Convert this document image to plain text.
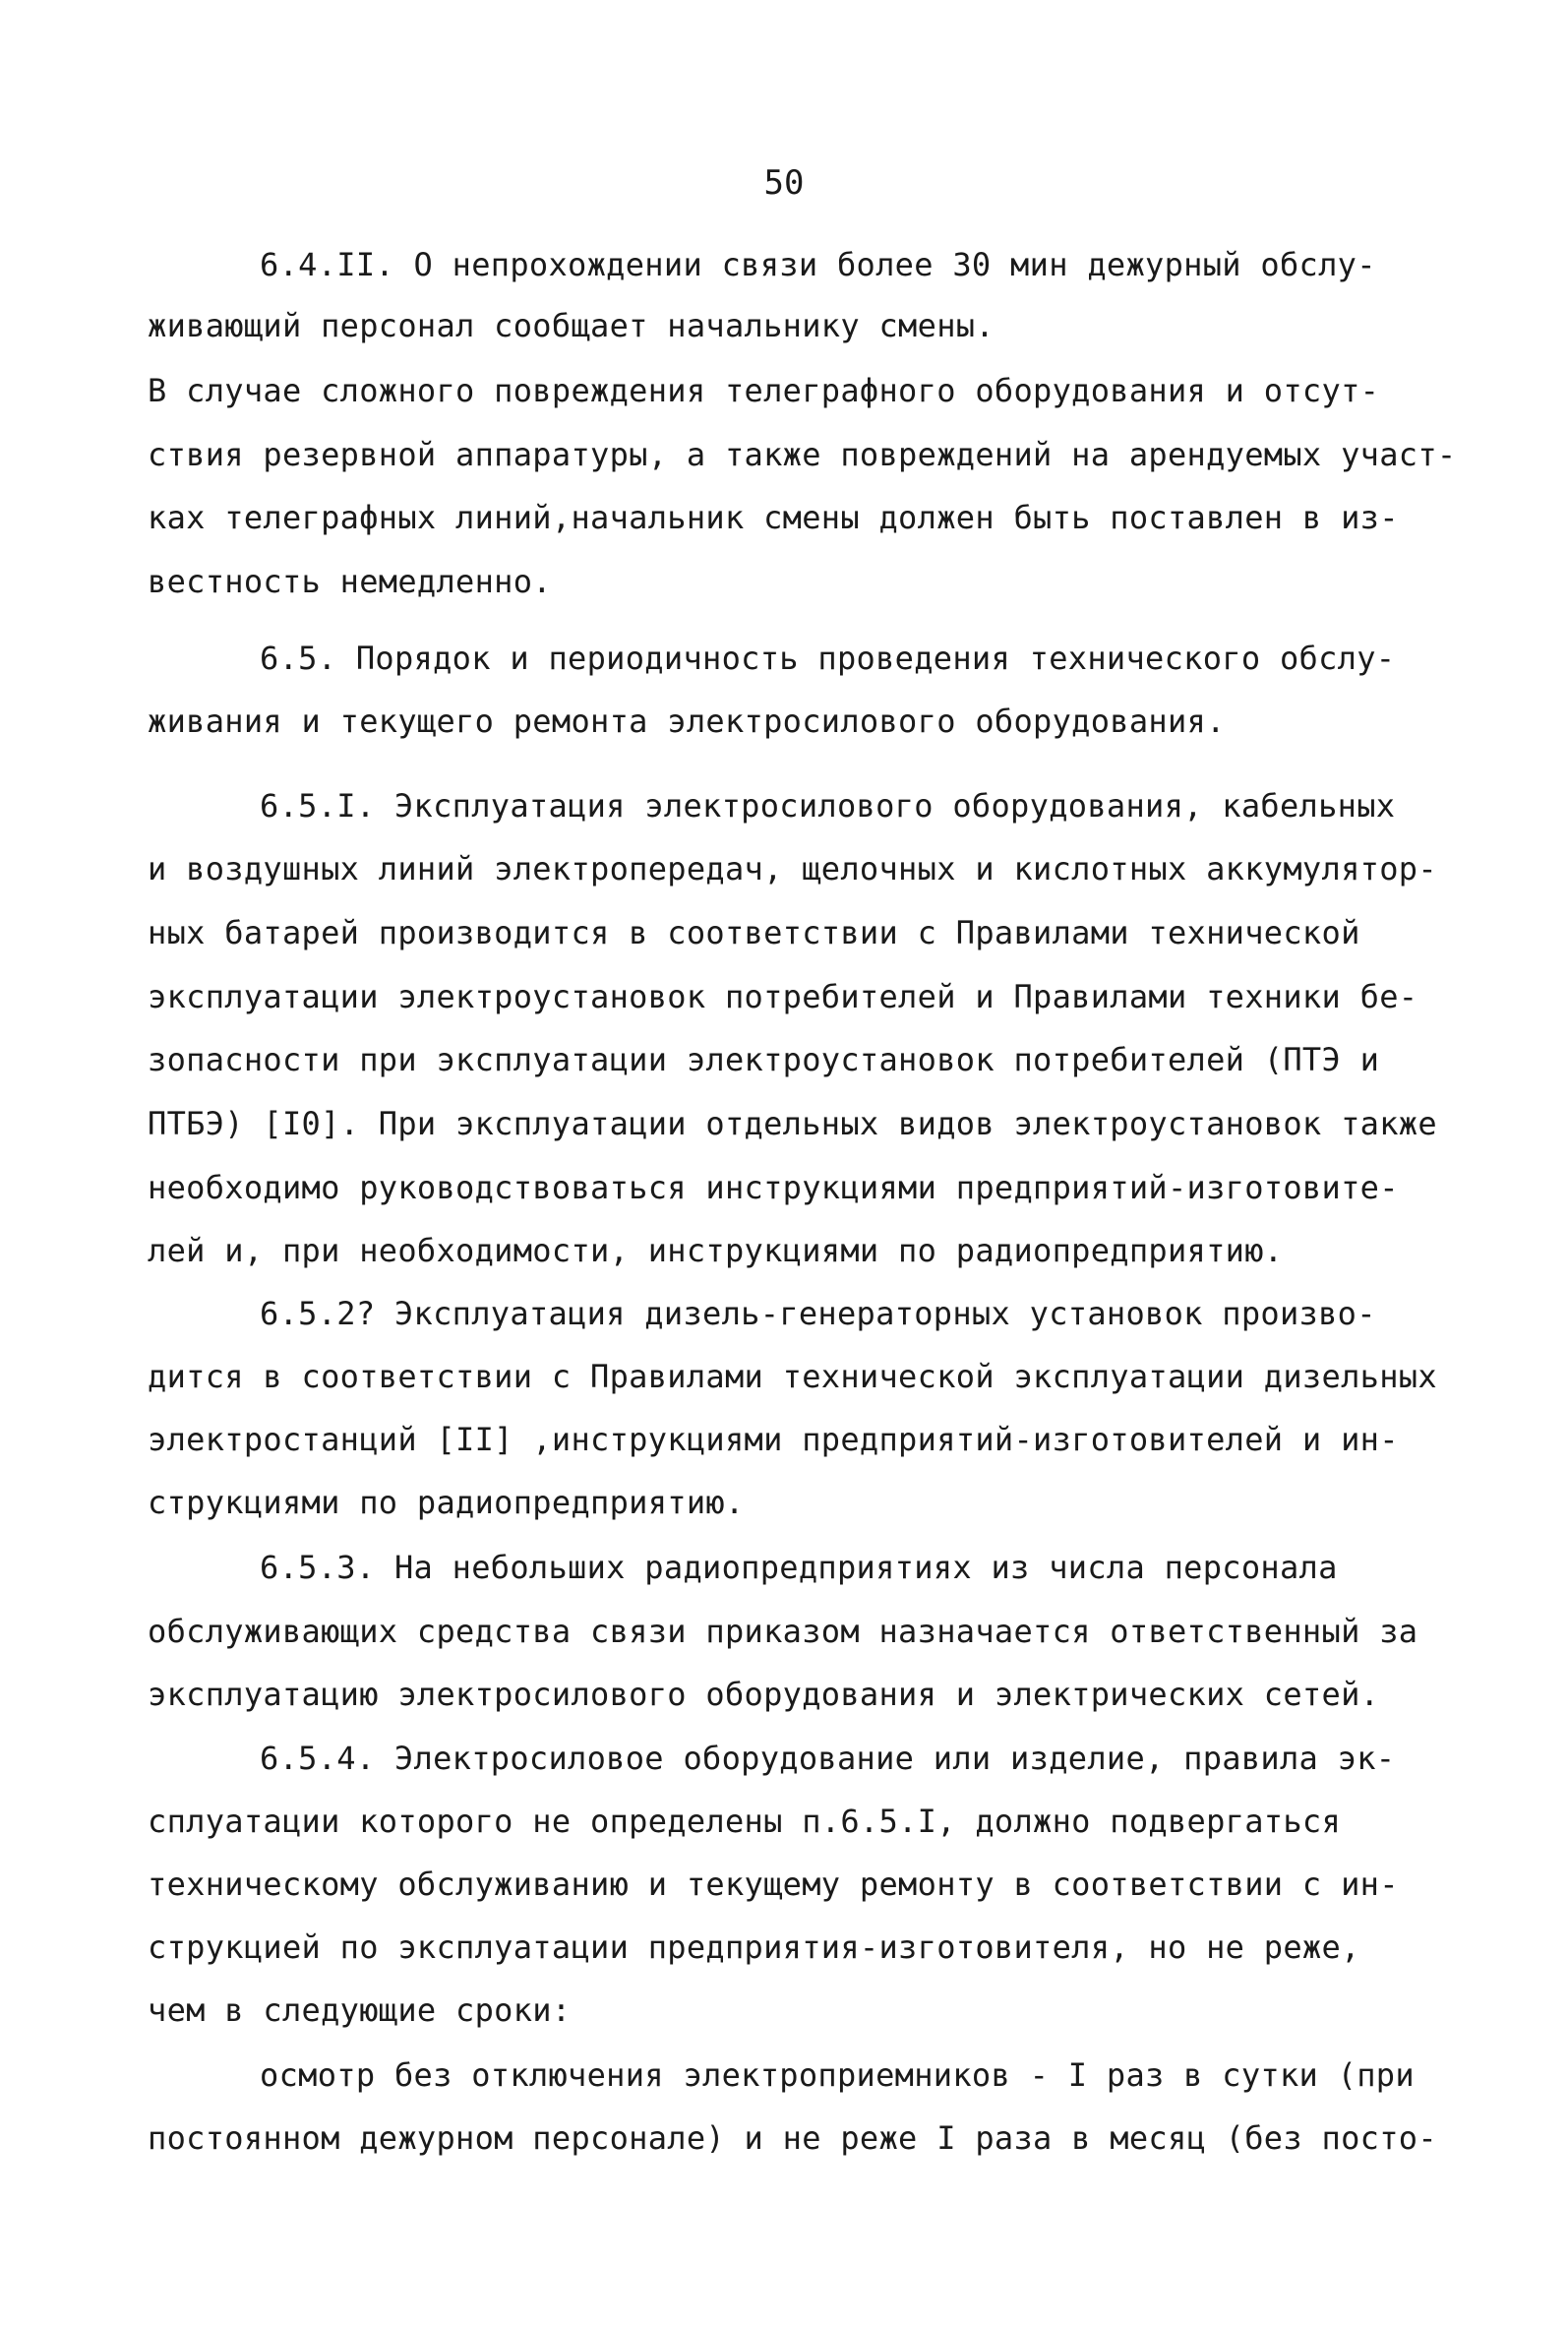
50
6.4.II. О непрохождении связи более 30 мин дежурный обслу-
живающий персонал сообщает начальнику смены.
В случае сложного повреждения телеграфного оборудования и отсут-
ствия резервной аппаратуры, а также повреждений на арендуемых участ-
ках телеграфных линий,начальник смены должен быть поставлен в из-
вестность немедленно.
6.5. Порядок и периодичность проведения технического обслу-
живания и текущего ремонта электросилового оборудования.
6.5.I. Эксплуатация электросилового оборудования, кабельных
и воздушных линий электропередач, щелочных и кислотных аккумулятор-
ных батарей производится в соответствии с Правилами технической
эксплуатации электроустановок потребителей и Правилами техники бе-
зопасности при эксплуатации электроустановок потребителей (ПТЭ и
ПТБЭ) [I0]. При эксплуатации отдельных видов электроустановок также
необходимо руководствоваться инструкциями предприятий-изготовите-
лей и, при необходимости, инструкциями по радиопредприятию.
6.5.2? Эксплуатация дизель-генераторных установок произво-
дится в соответствии с Правилами технической эксплуатации дизельных
электростанций [II] ,инструкциями предприятий-изготовителей и ин-
струкциями по радиопредприятию.
6.5.3. На небольших радиопредприятиях из числа персонала
обслуживающих средства связи приказом назначается ответственный за
эксплуатацию электросилового оборудования и электрических сетей.
6.5.4. Электросиловое оборудование или изделие, правила эк-
сплуатации которого не определены п.6.5.I, должно подвергаться
техническому обслуживанию и текущему ремонту в соответствии с ин-
струкцией по эксплуатации предприятия-изготовителя, но не реже,
чем в следующие сроки:
осмотр без отключения электроприемников - I раз в сутки (при
постоянном дежурном персонале) и не реже I раза в месяц (без посто-
